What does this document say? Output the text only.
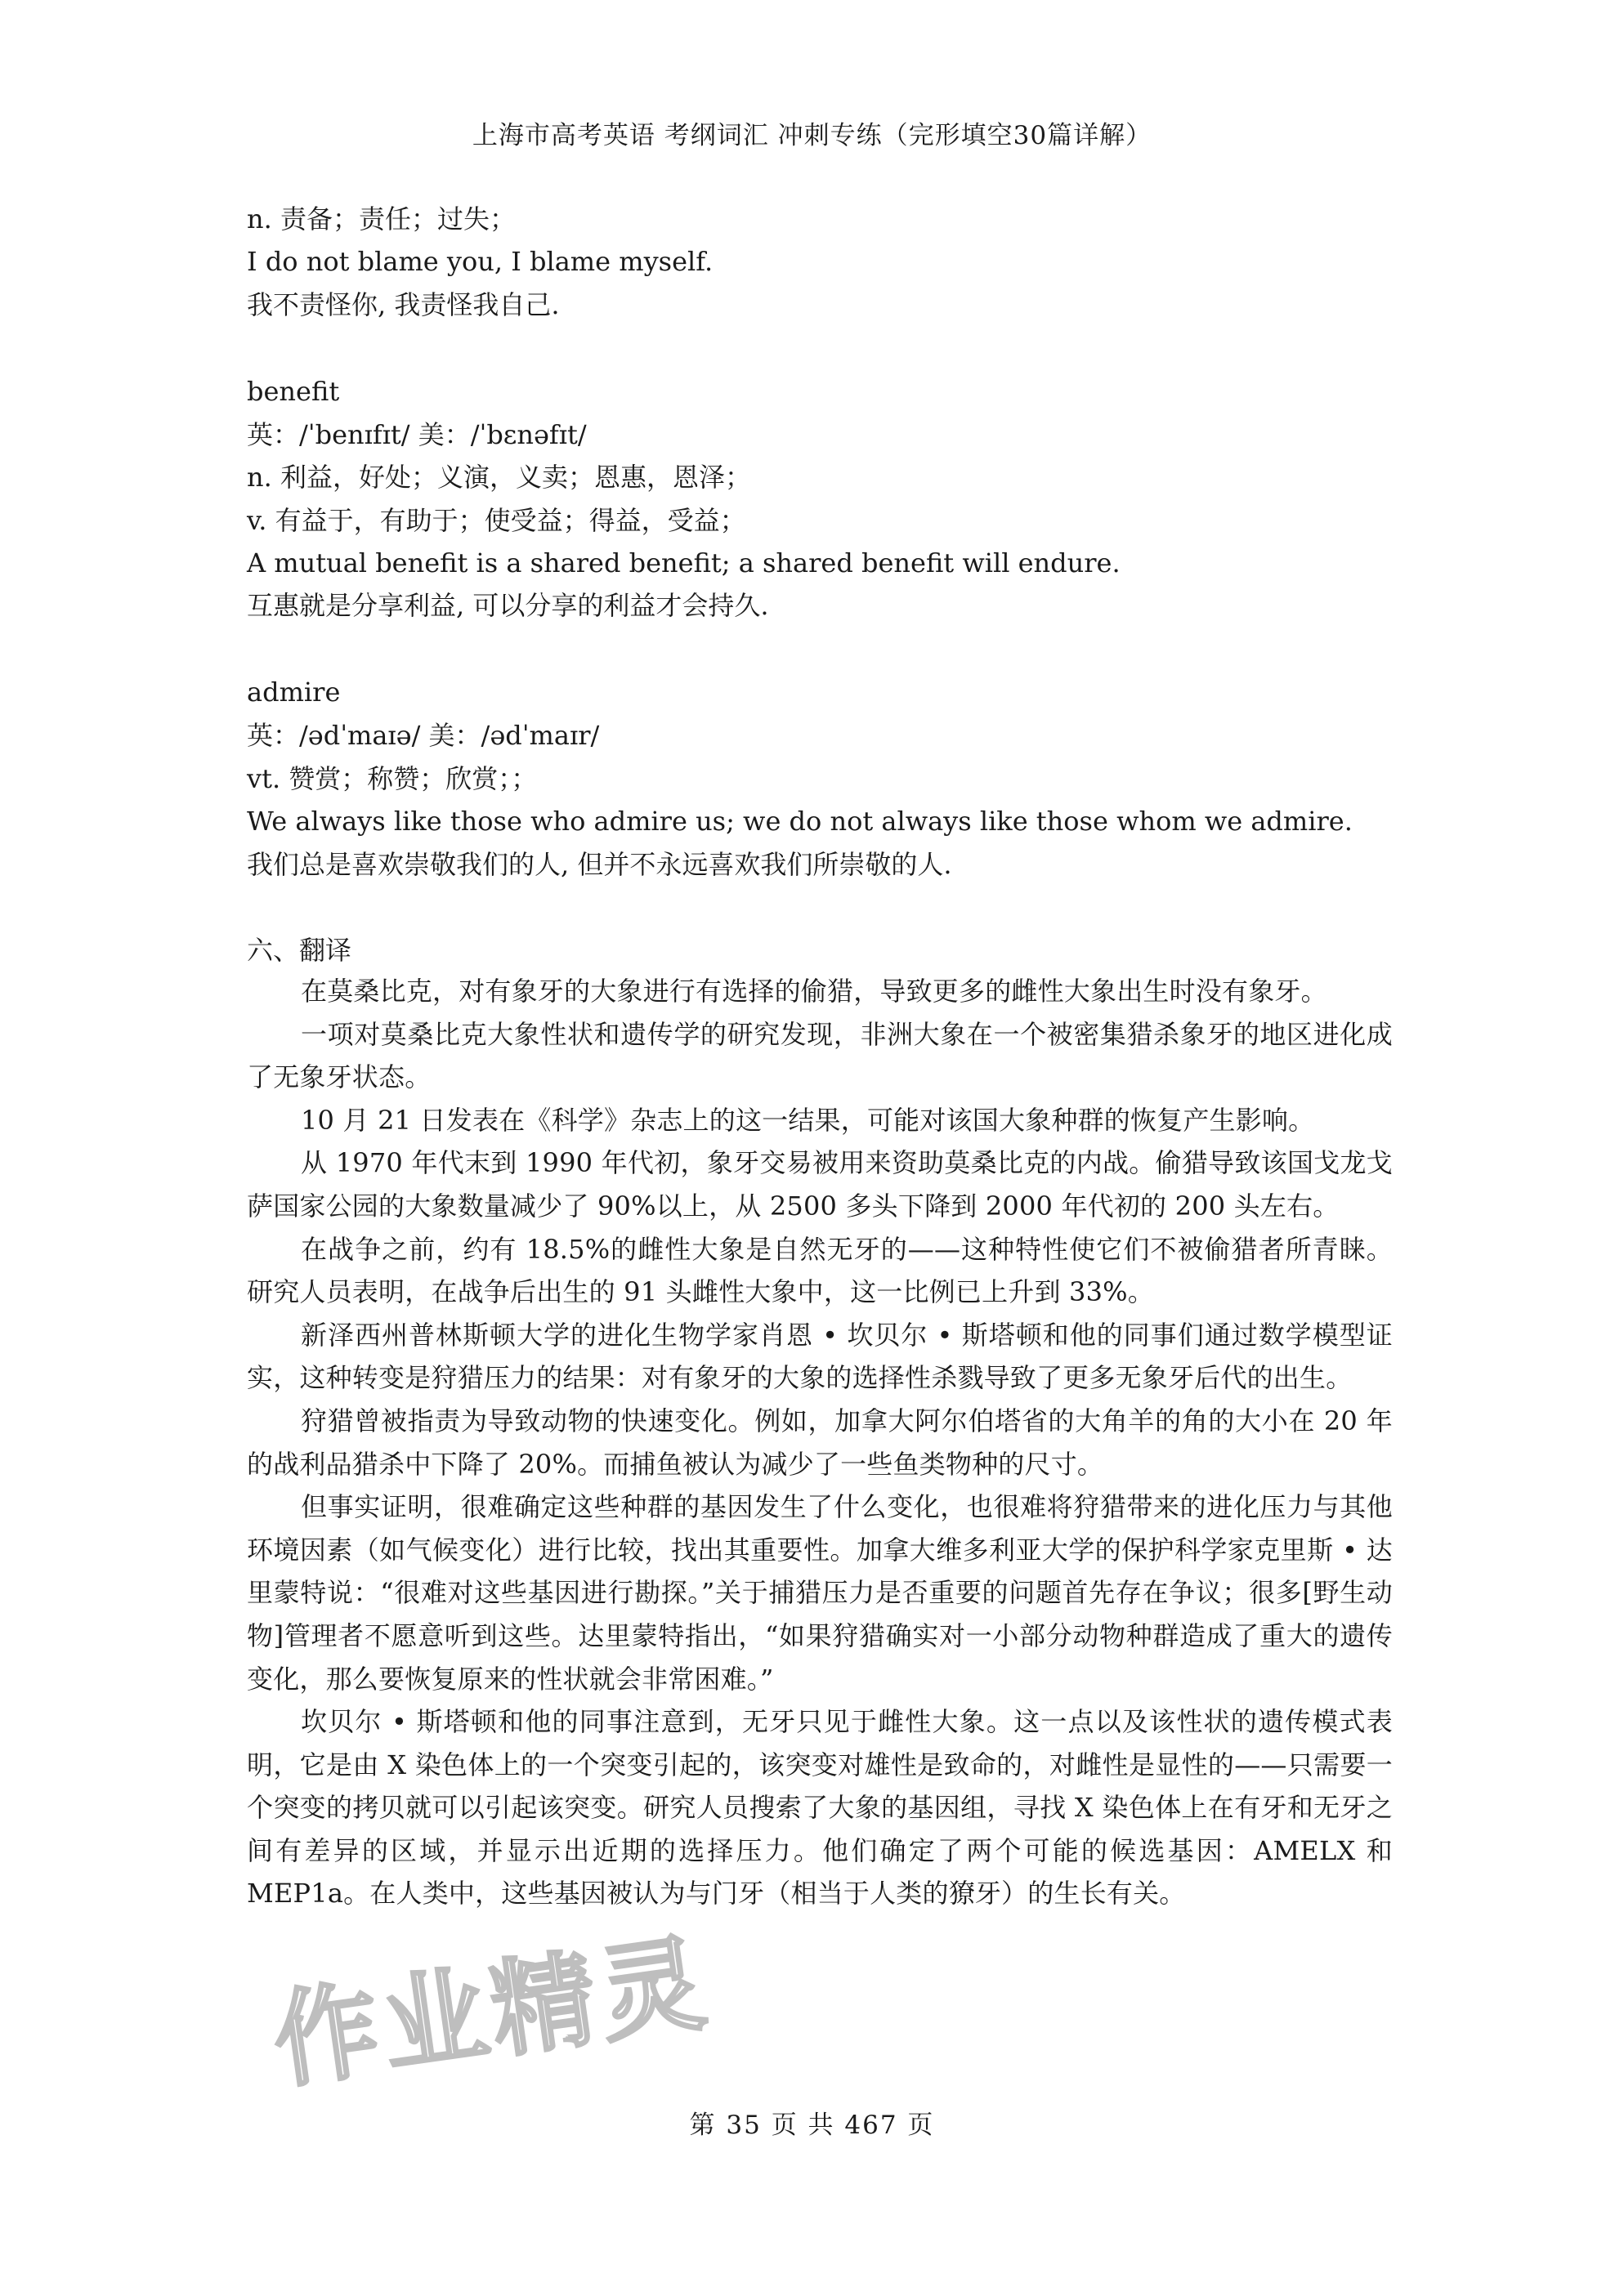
上海市高考英语 考纲词汇 冲刺专练（完形填空30篇详解）
n. 责备；责任；过失；
I do not blame you, I blame myself.
我不责怪你, 我责怪我自己.
benefit
英：/ˈbenɪfɪt/ 美：/ˈbɛnəfɪt/
n. 利益，好处；义演，义卖；恩惠，恩泽；
v. 有益于，有助于；使受益；得益，受益；
A mutual benefit is a shared benefit; a shared benefit will endure.
互惠就是分享利益, 可以分享的利益才会持久.
admire
英：/ədˈmaɪə/ 美：/ədˈmaɪr/
vt. 赞赏；称赞；欣赏；；
We always like those who admire us; we do not always like those whom we admire.
我们总是喜欢崇敬我们的人, 但并不永远喜欢我们所崇敬的人.
六、翻译

在莫桑比克，对有象牙的大象进行有选择的偷猎，导致更多的雌性大象出生时没有象牙。

一项对莫桑比克大象性状和遗传学的研究发现，非洲大象在一个被密集猎杀象牙的地区进化成了无象牙状态。

10 月 21 日发表在《科学》杂志上的这一结果，可能对该国大象种群的恢复产生影响。

从 1970 年代末到 1990 年代初，象牙交易被用来资助莫桑比克的内战。偷猎导致该国戈龙戈萨国家公园的大象数量减少了 90%以上，从 2500 多头下降到 2000 年代初的 200 头左右。

在战争之前，约有 18.5%的雌性大象是自然无牙的——这种特性使它们不被偷猎者所青睐。研究人员表明，在战争后出生的 91 头雌性大象中，这一比例已上升到 33%。

新泽西州普林斯顿大学的进化生物学家肖恩 • 坎贝尔 • 斯塔顿和他的同事们通过数学模型证实，这种转变是狩猎压力的结果：对有象牙的大象的选择性杀戮导致了更多无象牙后代的出生。

狩猎曾被指责为导致动物的快速变化。例如，加拿大阿尔伯塔省的大角羊的角的大小在 20 年的战利品猎杀中下降了 20%。而捕鱼被认为减少了一些鱼类物种的尺寸。

但事实证明，很难确定这些种群的基因发生了什么变化，也很难将狩猎带来的进化压力与其他环境因素（如气候变化）进行比较，找出其重要性。加拿大维多利亚大学的保护科学家克里斯 • 达里蒙特说：“很难对这些基因进行勘探。”关于捕猎压力是否重要的问题首先存在争议；很多[野生动物]管理者不愿意听到这些。达里蒙特指出，“如果狩猎确实对一小部分动物种群造成了重大的遗传变化，那么要恢复原来的性状就会非常困难。”

坎贝尔 • 斯塔顿和他的同事注意到，无牙只见于雌性大象。这一点以及该性状的遗传模式表明，它是由 X 染色体上的一个突变引起的，该突变对雄性是致命的，对雌性是显性的——只需要一个突变的拷贝就可以引起该突变。研究人员搜索了大象的基因组，寻找 X 染色体上在有牙和无牙之间有差异的区域，并显示出近期的选择压力。他们确定了两个可能的候选基因：AMELX 和 MEP1a。在人类中，这些基因被认为与门牙（相当于人类的獠牙）的生长有关。

作业精灵
第 35 页 共 467 页
